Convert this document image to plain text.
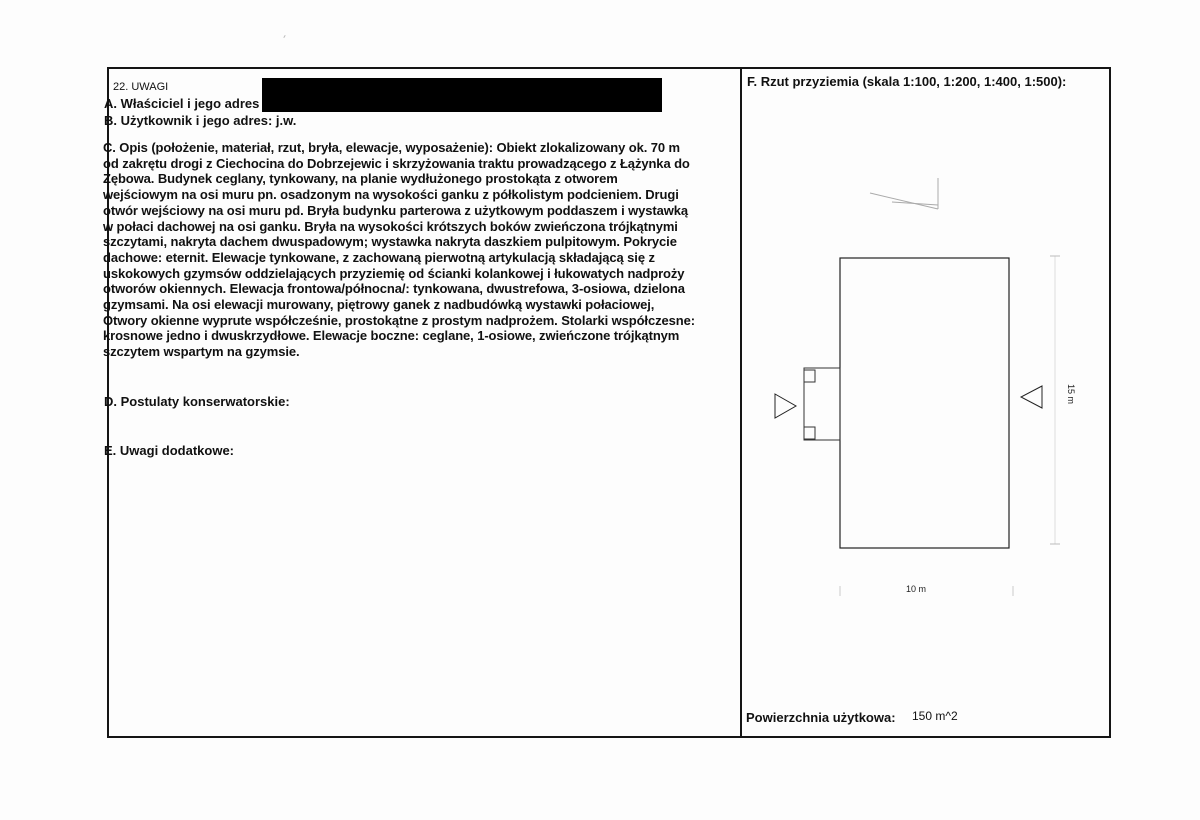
22. UWAGI
A. Właściciel i jego adres
B. Użytkownik i jego adres: j.w.
C. Opis (położenie, materiał, rzut, bryła, elewacje, wyposażenie): Obiekt zlokalizowany ok. 70 m
od zakrętu drogi z Ciechocina do Dobrzejewic i skrzyżowania traktu prowadzącego z Łążynka do
Zębowa. Budynek ceglany, tynkowany, na planie wydłużonego prostokąta z otworem
wejściowym na osi muru pn. osadzonym na wysokości ganku z półkolistym podcieniem. Drugi
otwór wejściowy na osi muru pd. Bryła budynku parterowa z użytkowym poddaszem i wystawką
w połaci dachowej na osi ganku. Bryła na wysokości krótszych boków zwieńczona trójkątnymi
szczytami, nakryta dachem dwuspadowym; wystawka nakryta daszkiem pulpitowym. Pokrycie
dachowe: eternit. Elewacje tynkowane, z zachowaną pierwotną artykulacją składającą się z
uskokowych gzymsów oddzielających przyziemię od ścianki kolankowej i łukowatych nadproży
otworów okiennych. Elewacja frontowa/północna/: tynkowana, dwustrefowa, 3-osiowa, dzielona
gzymsami. Na osi elewacji murowany, piętrowy ganek z nadbudówką wystawki połaciowej,
Otwory okienne wyprute współcześnie, prostokątne z prostym nadprożem. Stolarki współczesne:
krosnowe jedno i dwuskrzydłowe. Elewacje boczne: ceglane, 1-osiowe, zwieńczone trójkątnym
szczytem wspartym na gzymsie.
D. Postulaty konserwatorskie:
E. Uwagi dodatkowe:
F. Rzut przyziemia (skala 1:100, 1:200, 1:400, 1:500):
15 m
10 m
Powierzchnia użytkowa: 150 m^2
